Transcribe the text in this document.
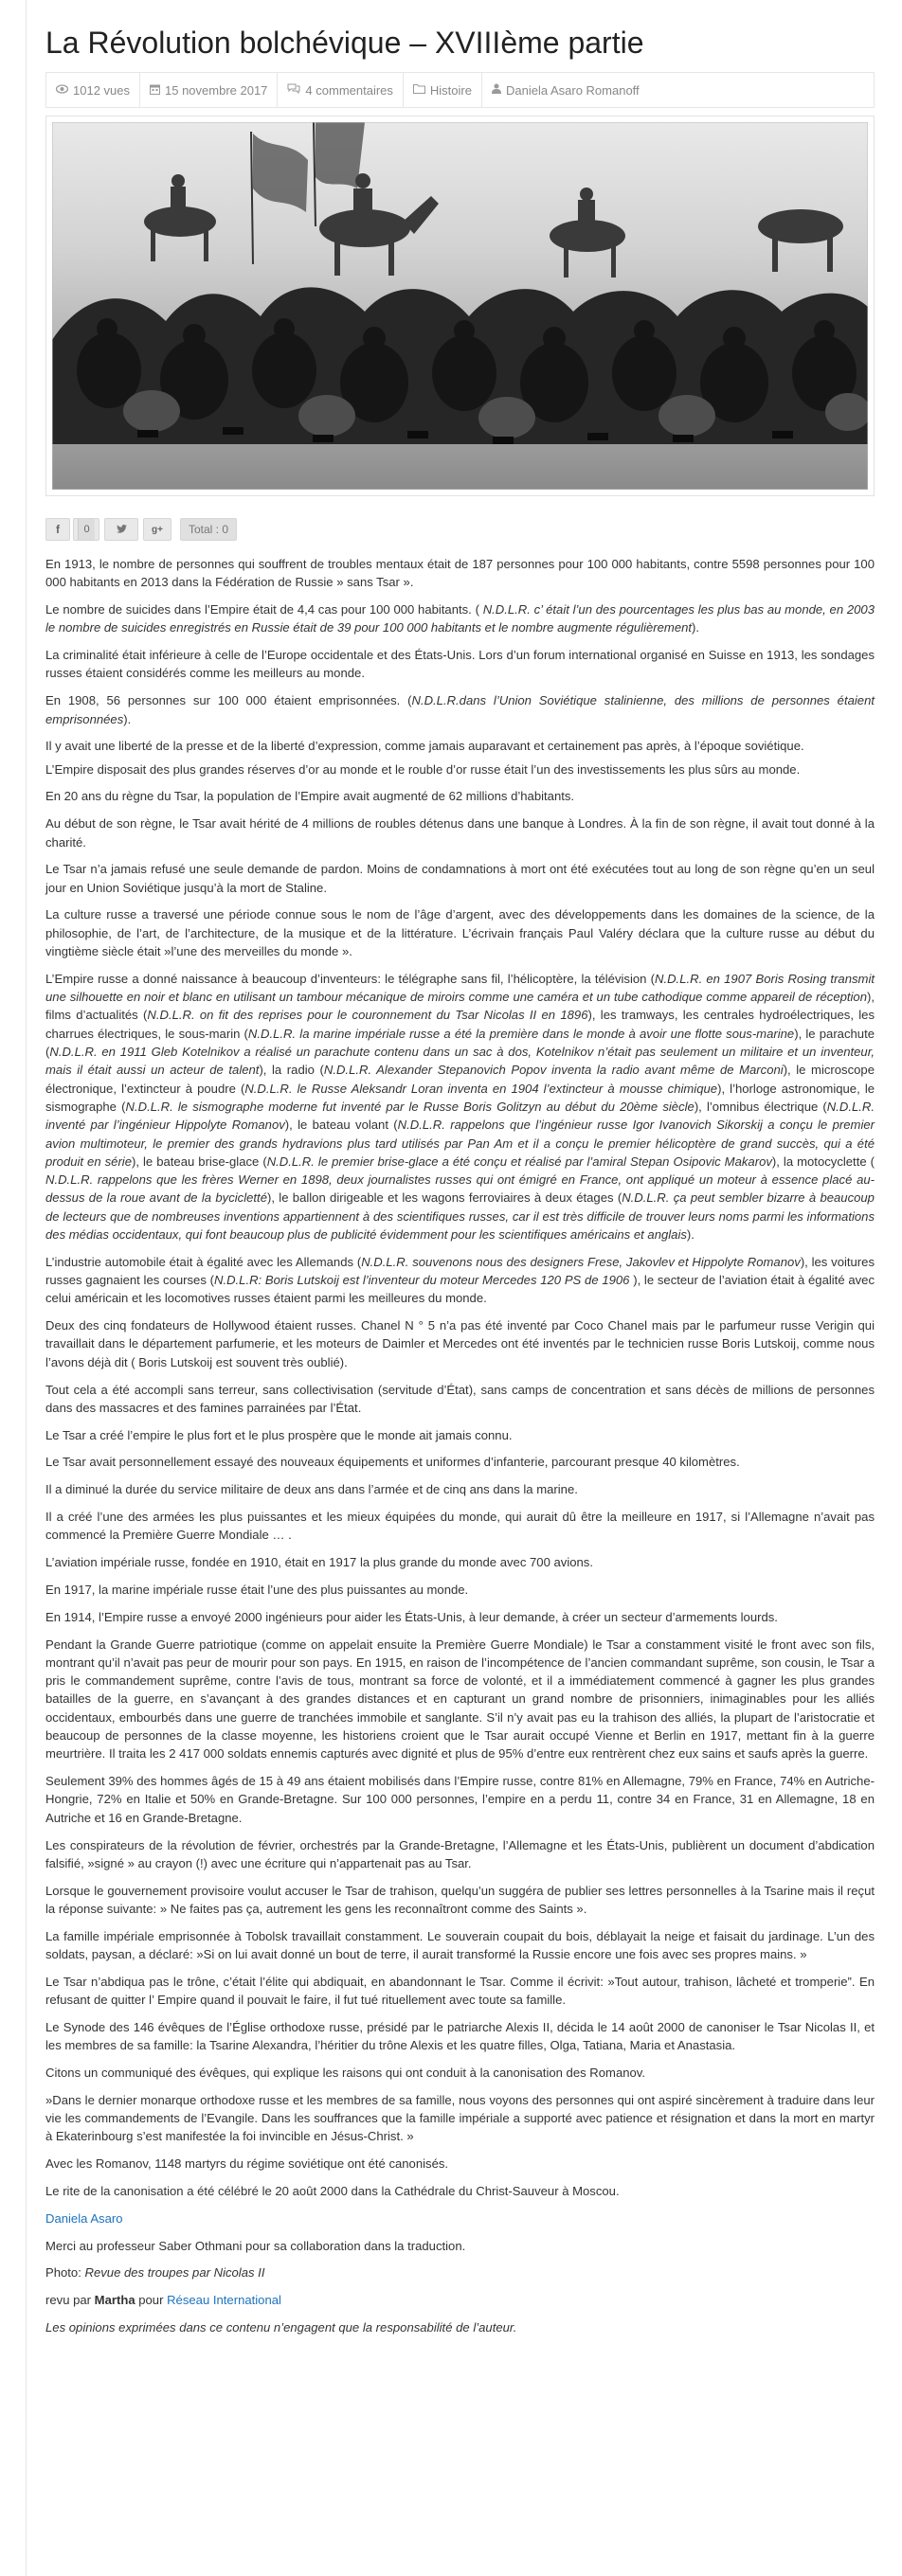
La Révolution bolchévique – XVIIIème partie
1012 vues	15 novembre 2017	4 commentaires	Histoire	Daniela Asaro Romanoff
f	0	g+ Total : 0

En 1913, le nombre de personnes qui souffrent de troubles mentaux était de 187 personnes pour 100 000 habitants, contre 5598 personnes pour 100 000 habitants en 2013 dans la Fédération de Russie » sans Tsar ».

Le nombre de suicides dans l’Empire était de 4,4 cas pour 100 000 habitants. ( N.D.L.R. c’ était l’un des pourcentages les plus bas au monde, en 2003 le nombre de suicides enregistrés en Russie était de 39 pour 100 000 habitants et le nombre augmente régulièrement).

La criminalité était inférieure à celle de l’Europe occidentale et des États-Unis. Lors d’un forum international organisé en Suisse en 1913, les sondages russes étaient considérés comme les meilleurs au monde.

En 1908, 56 personnes sur 100 000 étaient emprisonnées. (N.D.L.R.dans l’Union Soviétique stalinienne, des millions de personnes étaient emprisonnées).

Il y avait une liberté de la presse et de la liberté d’expression, comme jamais auparavant et certainement pas après, à l’époque soviétique.

L’Empire disposait des plus grandes réserves d’or au monde et le rouble d’or russe était l’un des investissements les plus sûrs au monde.

En 20 ans du règne du Tsar, la population de l’Empire avait augmenté de 62 millions d’habitants.

Au début de son règne, le Tsar avait hérité de 4 millions de roubles détenus dans une banque à Londres. À la fin de son règne, il avait tout donné à la charité.

Le Tsar n’a jamais refusé une seule demande de pardon. Moins de condamnations à mort ont été exécutées tout au long de son règne qu’en un seul jour en Union Soviétique jusqu’à la mort de Staline.

La culture russe a traversé une période connue sous le nom de l’âge d’argent, avec des développements dans les domaines de la science, de la philosophie, de l’art, de l’architecture, de la musique et de la littérature. L’écrivain français Paul Valéry déclara que la culture russe au début du vingtième siècle était »l’une des merveilles du monde ».

L’Empire russe a donné naissance à beaucoup d’inventeurs: le télégraphe sans fil, l’hélicoptère, la télévision (N.D.L.R. en 1907 Boris Rosing transmit une silhouette en noir et blanc en utilisant un tambour mécanique de miroirs comme une caméra et un tube cathodique comme appareil de réception), films d’actualités (N.D.L.R. on fit des reprises pour le couronnement du Tsar Nicolas II en 1896), les tramways, les centrales hydroélectriques, les charrues électriques, le sous-marin (N.D.L.R. la marine impériale russe a été la première dans le monde à avoir une flotte sous-marine), le parachute (N.D.L.R. en 1911 Gleb Kotelnikov a réalisé un parachute contenu dans un sac à dos, Kotelnikov n’était pas seulement un militaire et un inventeur, mais il était aussi un acteur de talent), la radio (N.D.L.R. Alexander Stepanovich Popov inventa la radio avant même de Marconi), le microscope électronique, l’extincteur à poudre (N.D.L.R. le Russe Aleksandr Loran inventa en 1904 l’extincteur à mousse chimique), l’horloge astronomique, le sismographe (N.D.L.R. le sismographe moderne fut inventé par le Russe Boris Golitzyn au début du 20ème siècle), l’omnibus électrique (N.D.L.R. inventé par l’ingénieur Hippolyte Romanov), le bateau volant (N.D.L.R. rappelons que l’ingénieur russe Igor Ivanovich Sikorskij a conçu le premier avion multimoteur, le premier des grands hydravions plus tard utilisés par Pan Am et il a conçu le premier hélicoptère de grand succès, qui a été produit en série), le bateau brise-glace (N.D.L.R. le premier brise-glace a été conçu et réalisé par l’amiral Stepan Osipovic Makarov), la motocyclette ( N.D.L.R. rappelons que les frères Werner en 1898, deux journalistes russes qui ont émigré en France, ont appliqué un moteur à essence placé au-dessus de la roue avant de la bycicletté), le ballon dirigeable et les wagons ferroviaires à deux étages (N.D.L.R. ça peut sembler bizarre à beaucoup de lecteurs que de nombreuses inventions appartiennent à des scientifiques russes, car il est très difficile de trouver leurs noms parmi les informations des médias occidentaux, qui font beaucoup plus de publicité évidemment pour les scientifiques américains et anglais).

L’industrie automobile était à égalité avec les Allemands (N.D.L.R. souvenons nous des designers Frese, Jakovlev et Hippolyte Romanov), les voitures russes gagnaient les courses (N.D.L.R: Boris Lutskoij est l’inventeur du moteur Mercedes 120 PS de 1906 ), le secteur de l’aviation était à égalité avec celui américain et les locomotives russes étaient parmi les meilleures du monde.

Deux des cinq fondateurs de Hollywood étaient russes. Chanel N ° 5 n’a pas été inventé par Coco Chanel mais par le parfumeur russe Verigin qui travaillait dans le département parfumerie, et les moteurs de Daimler et Mercedes ont été inventés par le technicien russe Boris Lutskoij, comme nous l’avons déjà dit ( Boris Lutskoij est souvent très oublié).

Tout cela a été accompli sans terreur, sans collectivisation (servitude d’État), sans camps de concentration et sans décès de millions de personnes dans des massacres et des famines parrainées par l’État.

Le Tsar a créé l’empire le plus fort et le plus prospère que le monde ait jamais connu.

Le Tsar avait personnellement essayé des nouveaux équipements et uniformes d’infanterie, parcourant presque 40 kilomètres.

Il a diminué la durée du service militaire de deux ans dans l’armée et de cinq ans dans la marine.

Il a créé l’une des armées les plus puissantes et les mieux équipées du monde, qui aurait dû être la meilleure en 1917, si l’Allemagne n’avait pas commencé la Première Guerre Mondiale … .

L’aviation impériale russe, fondée en 1910, était en 1917 la plus grande du monde avec 700 avions.

En 1917, la marine impériale russe était l’une des plus puissantes au monde.

En 1914, l’Empire russe a envoyé 2000 ingénieurs pour aider les États-Unis, à leur demande, à créer un secteur d’armements lourds.

Pendant la Grande Guerre patriotique (comme on appelait ensuite la Première Guerre Mondiale) le Tsar a constamment visité le front avec son fils, montrant qu’il n’avait pas peur de mourir pour son pays. En 1915, en raison de l’incompétence de l’ancien commandant suprême, son cousin, le Tsar a pris le commandement suprême, contre l’avis de tous, montrant sa force de volonté, et il a immédiatement commencé à gagner les plus grandes batailles de la guerre, en s’avançant à des grandes distances et en capturant un grand nombre de prisonniers, inimaginables pour les alliés occidentaux, embourbés dans une guerre de tranchées immobile et sanglante. S’il n’y avait pas eu la trahison des alliés, la plupart de l’aristocratie et beaucoup de personnes de la classe moyenne, les historiens croient que le Tsar aurait occupé Vienne et Berlin en 1917, mettant fin à la guerre meurtrière. Il traita les 2 417 000 soldats ennemis capturés avec dignité et plus de 95% d’entre eux rentrèrent chez eux sains et saufs après la guerre.

Seulement 39% des hommes âgés de 15 à 49 ans étaient mobilisés dans l’Empire russe, contre 81% en Allemagne, 79% en France, 74% en Autriche-Hongrie, 72% en Italie et 50% en Grande-Bretagne. Sur 100 000 personnes, l’empire en a perdu 11, contre 34 en France, 31 en Allemagne, 18 en Autriche et 16 en Grande-Bretagne.

Les conspirateurs de la révolution de février, orchestrés par la Grande-Bretagne, l’Allemagne et les États-Unis, publièrent un document d’abdication falsifié, »signé » au crayon (!) avec une écriture qui n’appartenait pas au Tsar.

Lorsque le gouvernement provisoire voulut accuser le Tsar de trahison, quelqu’un suggéra de publier ses lettres personnelles à la Tsarine mais il reçut la réponse suivante: » Ne faites pas ça, autrement les gens les reconnaîtront comme des Saints ».

La famille impériale emprisonnée à Tobolsk travaillait constamment. Le souverain coupait du bois, déblayait la neige et faisait du jardinage. L’un des soldats, paysan, a déclaré: »Si on lui avait donné un bout de terre, il aurait transformé la Russie encore une fois avec ses propres mains. »

Le Tsar n’abdiqua pas le trône, c’était l’élite qui abdiquait, en abandonnant le Tsar. Comme il écrivit: »Tout autour, trahison, lâcheté et tromperie”. En refusant de quitter l’ Empire quand il pouvait le faire, il fut tué rituellement avec toute sa famille.

Le Synode des 146 évêques de l’Église orthodoxe russe, présidé par le patriarche Alexis II, décida le 14 août 2000 de canoniser le Tsar Nicolas II, et les membres de sa famille: la Tsarine Alexandra, l’héritier du trône Alexis et les quatre filles, Olga, Tatiana, Maria et Anastasia.

Citons un communiqué des évêques, qui explique les raisons qui ont conduit à la canonisation des Romanov.

»Dans le dernier monarque orthodoxe russe et les membres de sa famille, nous voyons des personnes qui ont aspiré sincèrement à traduire dans leur vie les commandements de l’Evangile. Dans les souffrances que la famille impériale a supporté avec patience et résignation et dans la mort en martyr à Ekaterinbourg s’est manifestée la foi invincible en Jésus-Christ. »

Avec les Romanov, 1148 martyrs du régime soviétique ont été canonisés.

Le rite de la canonisation a été célébré le 20 août 2000 dans la Cathédrale du Christ-Sauveur à Moscou.

Daniela Asaro

Merci au professeur Saber Othmani pour sa collaboration dans la traduction.

Photo: Revue des troupes par Nicolas II

revu par Martha pour Réseau International

Les opinions exprimées dans ce contenu n’engagent que la responsabilité de l’auteur.
